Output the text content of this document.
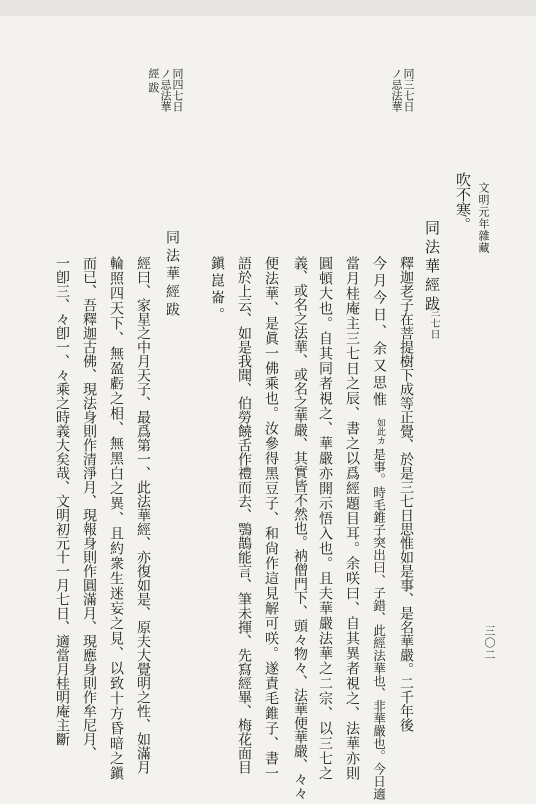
文明元年雜藏
同三七日
ノ忌法華
同四七日
ノ忌法華
經
跋
吹不寒。
同法華經跋
三七日
釋迦老子在菩提樹下成等正覺、於是三七日思惟如是事、是名華嚴。二千年後
今月今日、余又思惟
如此カ
是事。時毛錐子突出曰、子錯、此經法華也、非華嚴也。今日適
當月桂庵主三七日之辰、書之以爲經題目耳。余咲曰、自其異者視之、法華亦則
圓頓大也。自其同者視之、華嚴亦開示悟入也。且夫華嚴法華之二宗、以三七之
義、或名之法華、或名之華嚴、其實皆不然也。衲僧門下、頭々物々、法華便華嚴、々々
便法華、是眞一佛乘也。汝參得黑豆子、和尙作這見解可咲。遂責毛錐子、書一
語於上云、如是我聞、伯勞饒舌作禮而去、鶚鵲能言、筆未揮、先寫經畢、梅花面目
鎭崑崙。
同法華經跋
經曰、家星之中月天子、最爲第一、此法華經、亦復如是、原夫大覺明之性、如滿月
輪照四天下、無盈虧之相、無黑白之異、且約衆生迷妄之見、以致十方昏暗之鎭
而已、吾釋迦古佛、現法身則作清淨月、現報身則作圓滿月、現應身則作牟尼月、
一卽三、々卽一、々乘之時義大矣哉、文明初元十一月七日、適當月桂明庵主斷	三〇二
